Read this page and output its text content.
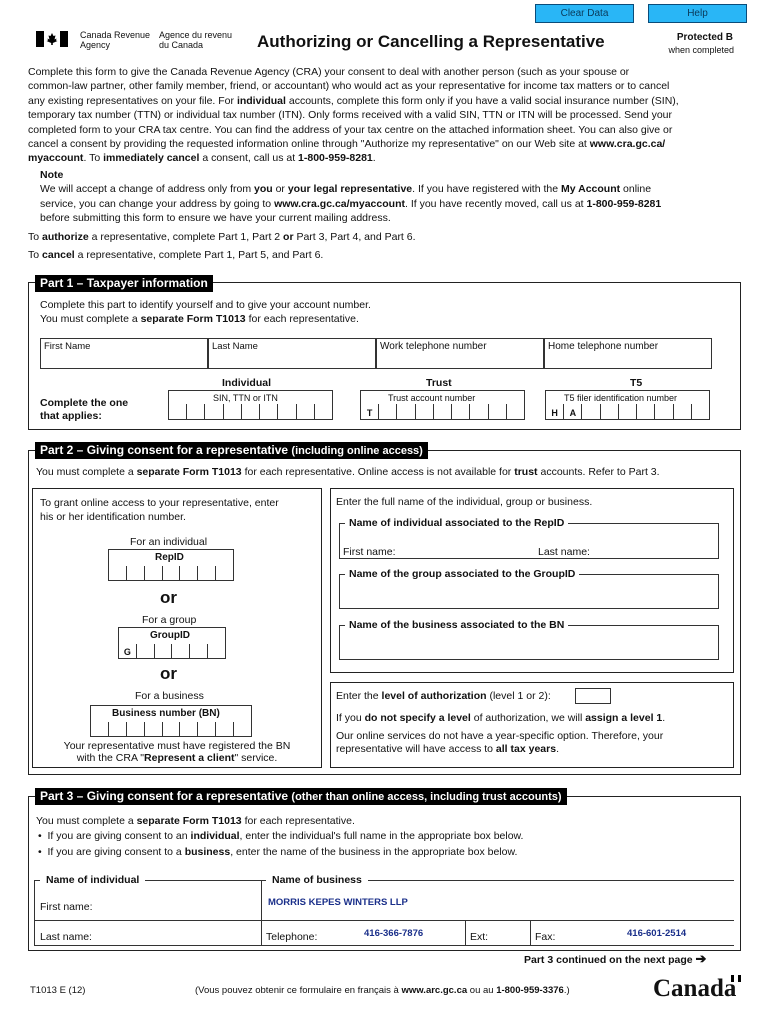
Clear Data	Help
Canada Revenue
Agency
Agence du revenu
du Canada	Authorizing or Cancelling a Representative	Protected B
when completed
Complete this form to give the Canada Revenue Agency (CRA) your consent to deal with another person (such as your spouse or
common-law partner, other family member, friend, or accountant) who would act as your representative for income tax matters or to cancel
any existing representatives on your file. For individual accounts, complete this form only if you have a valid social insurance number (SIN),
temporary tax number (TTN) or individual tax number (ITN). Only forms received with a valid SIN, TTN or ITN will be processed. Send your
completed form to your CRA tax centre. You can find the address of your tax centre on the attached information sheet. You can also give or
cancel a consent by providing the requested information online through "Authorize my representative" on our Web site at www.cra.gc.ca/
myaccount. To immediately cancel a consent, call us at 1-800-959-8281.
Note
We will accept a change of address only from you or your legal representative. If you have registered with the My Account online
service, you can change your address by going to www.cra.gc.ca/myaccount. If you have recently moved, call us at 1-800-959-8281
before submitting this form to ensure we have your current mailing address.
To authorize a representative, complete Part 1, Part 2 or Part 3, Part 4, and Part 6.
To cancel a representative, complete Part 1, Part 5, and Part 6.
Part 1 – Taxpayer information
Complete this part to identify yourself and to give your account number.
You must complete a separate Form T1013 for each representative.
First Name	Last Name	Work telephone number	Home telephone number
Complete the one
that applies:
Individual
SIN, TTN or ITN
Trust
Trust account number
T
T5
T5 filer identification number
H	A
Part 2 – Giving consent for a representative (including online access)
You must complete a separate Form T1013 for each representative. Online access is not available for trust accounts. Refer to Part 3.
To grant online access to your representative, enter
his or her identification number.
For an individual
RepID
or
For a group
GroupID
G
or
For a business
Business number (BN)
Your representative must have registered the BN
with the CRA "Represent a client" service.
Enter the full name of the individual, group or business.
Name of individual associated to the RepID
First name:	Last name:
Name of the group associated to the GroupID
Name of the business associated to the BN
Enter the level of authorization (level 1 or 2):
If you do not specify a level of authorization, we will assign a level 1.
Our online services do not have a year-specific option. Therefore, your
representative will have access to all tax years.
Part 3 – Giving consent for a representative (other than online access, including trust accounts)
You must complete a separate Form T1013 for each representative.
•  If you are giving consent to an individual, enter the individual's full name in the appropriate box below.
•  If you are giving consent to a business, enter the name of the business in the appropriate box below.
Name of individual	Name of business
First name:	MORRIS KEPES WINTERS LLP
Last name:	Telephone:	416-366-7876	Ext:	Fax:	416-601-2514
Part 3 continued on the next page ➔
T1013 E (12)	(Vous pouvez obtenir ce formulaire en français à www.arc.gc.ca ou au 1-800-959-3376.)	Canada
